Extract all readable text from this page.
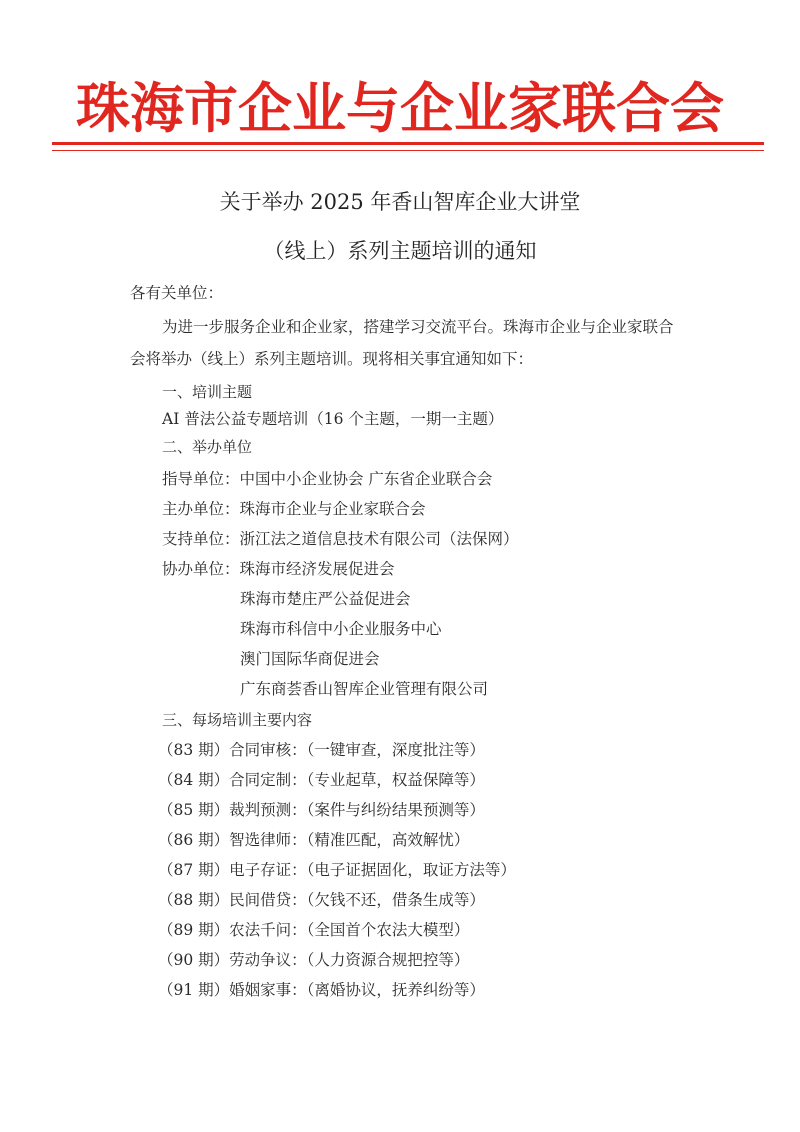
珠海市企业与企业家联合会
关于举办 2025 年香山智库企业大讲堂
（线上）系列主题培训的通知
各有关单位：
为进一步服务企业和企业家，搭建学习交流平台。珠海市企业与企业家联合
会将举办（线上）系列主题培训。现将相关事宜通知如下：
一、培训主题
AI 普法公益专题培训（16 个主题，一期一主题）
二、举办单位
指导单位：中国中小企业协会 广东省企业联合会
主办单位：珠海市企业与企业家联合会
支持单位：浙江法之道信息技术有限公司（法保网）
协办单位：珠海市经济发展促进会
珠海市楚庄严公益促进会
珠海市科信中小企业服务中心
澳门国际华商促进会
广东商荟香山智库企业管理有限公司
三、每场培训主要内容
（83 期）合同审核：（一键审查，深度批注等）
（84 期）合同定制：（专业起草，权益保障等）
（85 期）裁判预测：（案件与纠纷结果预测等）
（86 期）智选律师：（精准匹配，高效解忧）
（87 期）电子存证：（电子证据固化，取证方法等）
（88 期）民间借贷：（欠钱不还，借条生成等）
（89 期）农法千问：（全国首个农法大模型）
（90 期）劳动争议：（人力资源合规把控等）
（91 期）婚姻家事：（离婚协议，抚养纠纷等）
